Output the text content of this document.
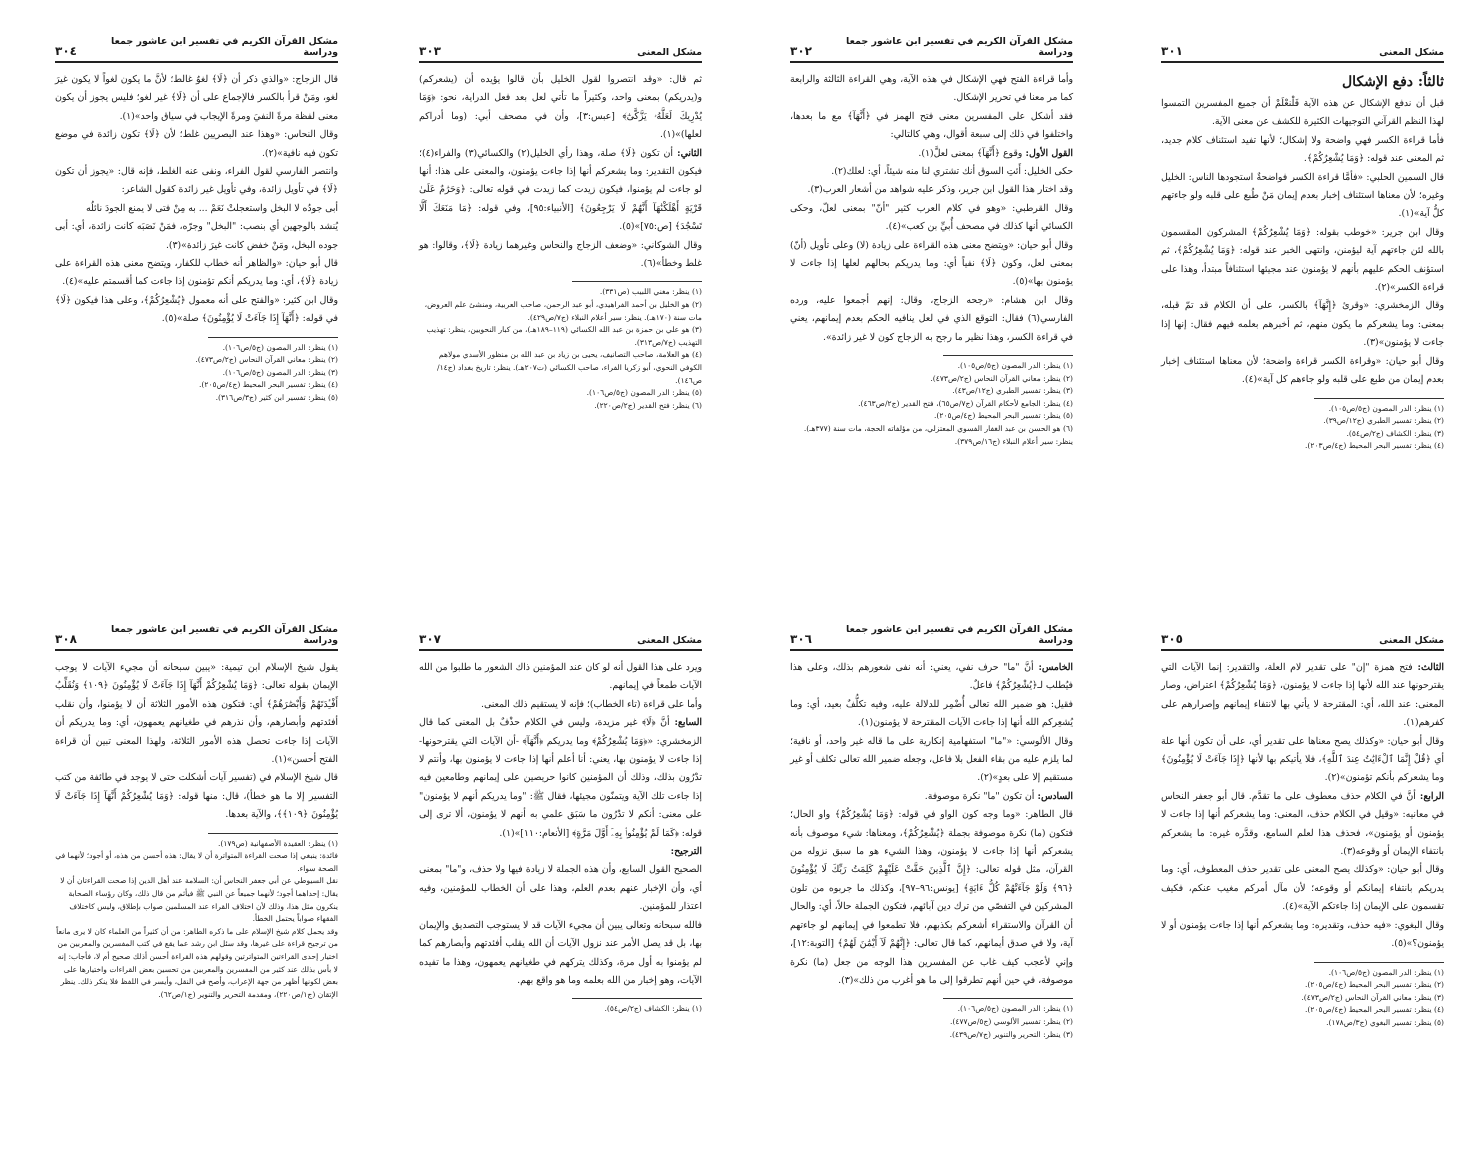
مشكل المعنى
٣٠١

ثالثاً: دفع الإشكال

قبل أن ندفع الإشكال عن هذه الآية فَلْنعْلَمْ أن جميع المفسرين التمسوا لهذا النظم القرآني التوجيهات الكثيرة للكشف عن معنى الآية.

فأما قراءة الكسر فهي واضحة ولا إشكال؛ لأنها تفيد استئناف كلام جديد، ثم المعنى عند قوله: ﴿وَمَا يُشْعِرُكُمْ﴾.

قال السمين الحلبي: «فأمَّا قراءة الكسر فواضحةٌ استجودها الناس: الخليل وغيره؛ لأن معناها استئناف إخبار بعدم إيمان مَنْ طُبع على قلبه ولو جاءتهم كلُّ آية»(١).

وقال ابن جرير: «خوطب بقوله: ﴿وَمَا يُشْعِرُكُمْ﴾ المشركون المقسمون بالله لئن جاءتهم آية ليؤمنن، وانتهى الخبر عند قوله: ﴿وَمَا يُشْعِرُكُمْ﴾، ثم استؤنف الحكم عليهم بأنهم لا يؤمنون عند مجيئها استئنافاً مبتدأ، وهذا على قراءة الكسر»(٢).

وقال الزمخشري: «وقرئ ﴿إِنَّهَآ﴾ بالكسر، على أن الكلام قد تمّ قبله، بمعنى: وما يشعركم ما يكون منهم، ثم أخبرهم بعلمه فيهم فقال: إنها إذا جاءت لا يؤمنون»(٣).

وقال أبو حيان: «وقراءة الكسر قراءة واضحة؛ لأن معناها استئناف إخبار بعدم إيمان من طبع على قلبه ولو جاءهم كل آية»(٤).

(١) ينظر: الدر المصون (ج٥/ص١٠٥).

(٢) ينظر: تفسير الطبري (ج١٢/ص٣٩).

(٣) ينظر: الكشاف (ج٢/ص٥٤).

(٤) ينظر: تفسير البحر المحيط (ج٤/ص٢٠٣).

مشكل القرآن الكريم في تفسير ابن عاشور جمعا ودراسة
٣٠٢

وأما قراءة الفتح فهي الإشكال في هذه الآية، وهي القراءة الثالثة والرابعة كما مر معنا في تحرير الإشكال.

فقد أشكل على المفسرين معنى فتح الهمز في ﴿أَنَّهَآ﴾ مع ما بعدها، واختلفوا في ذلك إلى سبعة أقوال، وهي كالتالي:

القول الأول: وقوع ﴿أَنَّهَآ﴾ بمعنى لعلَّ(١).

حكى الخليل: أَئتِ السوق أنك تشتري لنا منه شيئاً، أي: لعلك(٢).

وقد اختار هذا القول ابن جرير، وذكر عليه شواهد من أشعار العرب(٣).

وقال القرطبي: «وهو في كلام العرب كثير "أنّ" بمعنى لعلّ، وحكى الكسائي أنها كذلك في مصحف أُبيِّ بن كعب»(٤).

وقال أبو حيان: «ويتضح معنى هذه القراءة على زيادة (لا) وعلى تأويل (أنّ) بمعنى لعل، وكون ﴿لَا﴾ نفياً أي: وما يدريكم بحالهم لعلها إذا جاءت لا يؤمنون بها»(٥).

وقال ابن هشام: «رجحه الزجاج، وقال: إنهم أجمعوا عليه، ورده الفارسي(٦) فقال: التوقع الذي في لعل ينافيه الحكم بعدم إيمانهم، يعني في قراءة الكسر، وهذا نظير ما رجح به الزجاج كون لا غير زائدة».

(١) ينظر: الدر المصون (ج٥/ص١٠٥).

(٢) ينظر: معاني القرآن النحاس (ج٢/ص٤٧٣).

(٣) ينظر: تفسير الطبري (ج١٢/ص٤٣).

(٤) ينظر: الجامع لأحكام القرآن (ج٧/ص٦٥)، فتح القدير (ج٢/ص٤٦٣).

(٥) ينظر: تفسير البحر المحيط (ج٤/ص٢٠٥).

(٦) هو الحسن بن عبد الغفار الفسوي المعتزلي، من مؤلفاته الحجة، مات سنة (٣٧٧هـ). ينظر: سير أعلام النبلاء (ج١٦/ص٣٧٩).

مشكل المعنى
٣٠٣

ثم قال: «وقد انتصروا لقول الخليل بأن قالوا يؤيده أن (يشعركم) و(يدريكم) بمعنى واحد، وكثيراً ما تأتي لعل بعد فعل الدراية، نحو: ﴿وَمَا يُدْرِيكَ لَعَلَّهُۥ يَزَّكَّىٰٓ﴾ [عبس:٣]، وأن في مصحف أبي: (وما أدراكم لعلها)»(١).

الثاني: أن تكون ﴿لَا﴾ صلة، وهذا رأي الخليل(٢) والكسائي(٣) والفراء(٤)؛ فيكون التقدير: وما يشعركم أنها إذا جاءت يؤمنون، والمعنى على هذا: أنها لو جاءت لم يؤمنوا، فيكون زيدت كما زيدت في قوله تعالى: ﴿وَحَرَٰمٌ عَلَىٰ قَرْيَةٍ أَهْلَكْنَٰهَآ أَنَّهُمْ لَا يَرْجِعُونَ﴾ [الأنبياء:٩٥]، وفي قوله: ﴿مَا مَنَعَكَ أَلَّا تَسْجُدَ﴾ [ص:٧٥]»(٥).

وقال الشوكاني: «وضعف الزجاج والنحاس وغيرهما زيادة ﴿لَا﴾، وقالوا: هو غلط وخطأ»(٦).

(١) ينظر: مغني اللبيب (ص٣٣١).

(٢) هو الخليل بن أحمد الفراهيدي، أبو عبد الرحمن، صاحب العربية، ومنشئ علم العروض، مات سنة (١٧٠هـ). ينظر: سير أعلام النبلاء (ج٧/ص٤٢٩).

(٣) هو علي بن حمزة بن عبد الله الكسائي (١١٩–١٨٩هـ)، من كبار النحويين، ينظر: تهذيب التهذيب (ج٧/ص٣١٣).

(٤) هو العلامة، صاحب التصانيف، يحيى بن زياد بن عبد الله بن منظور الأسدي مولاهم الكوفي النحوي، أبو زكريا الفراء، صاحب الكسائي (ت٢٠٧هـ). ينظر: تاريخ بغداد (ج١٤/ص١٤٦).

(٥) ينظر: الدر المصون (ج٥/ص١٠٦).

(٦) ينظر: فتح القدير (ج٢/ص٢٢٠).

مشكل القرآن الكريم في تفسير ابن عاشور جمعا ودراسة
٣٠٤

قال الزجاج: «والذي ذكر أن ﴿لَا﴾ لغوٌ غالط؛ لأنَّ ما يكون لغواً لا يكون غيرَ لغو، ومَنْ قرأ بالكسر فالإجماع على أن ﴿لَا﴾ غير لغو؛ فليس يجوز أن يكون معنى لفظة مرةً النفيَ ومرةً الإيجاب في سياق واحد»(١).

وقال النحاس: «وهذا عند البصريين غلط؛ لأن ﴿لَا﴾ تكون زائدة في موضع تكون فيه نافية»(٢).

وانتصر الفارسي لقول الفراء، ونفى عنه الغلط، فإنه قال: «يجوز أن تكون ﴿لَا﴾ في تأويل زائدة، وفي تأويل غير زائدة كقول الشاعر:

أبى جودُه لا البخل واستعجلتْ نَعَمْ ... به مِنْ فتى لا يمنع الجودَ نائلُه

يُنشد بالوجهين أي بنصب: "البخل" وجرّه، فمَنْ نَصَبَه كانت زائدة، أي: أبى جوده البخل، ومَنْ خفض كانت غيرَ زائدة»(٣).

قال أبو حيان: «والظاهر أنه خطاب للكفار، ويتضح معنى هذه القراءة على زيادة ﴿لَا﴾، أي: وما يدريكم أنكم تؤمنون إذا جاءت كما أقسمتم عليه»(٤).

وقال ابن كثير: «والفتح على أنه معمول ﴿يُشْعِرُكُمْ﴾، وعلى هذا فيكون ﴿لَا﴾ في قوله: ﴿أَنَّهَآ إِذَا جَآءَتْ لَا يُؤْمِنُونَ﴾ صلة»(٥).

(١) ينظر: الدر المصون (ج٥/ص١٠٦).

(٢) ينظر: معاني القرآن النحاس (ج٢/ص٤٧٣).

(٣) ينظر: الدر المصون (ج٥/ص١٠٦).

(٤) ينظر: تفسير البحر المحيط (ج٤/ص٢٠٥).

(٥) ينظر: تفسير ابن كثير (ج٣/ص٣١٦).

مشكل المعنى
٣٠٥

الثالث: فتح همزة "إن" على تقدير لام العلة، والتقدير: إنما الآيات التي يقترحونها عند الله لأنها إذا جاءت لا يؤمنون، ﴿وَمَا يُشْعِرُكُمْ﴾ اعتراض، وصار المعنى: عند الله، أي: المقترحة لا يأتي بها لانتفاء إيمانهم وإصرارهم على كفرهم(١).

وقال أبو حيان: «وكذلك يصح معناها على تقدير أي، على أن تكون أنها علة أي ﴿قُلْ إِنَّمَا ٱلْءَايَٰتُ عِندَ ٱللَّهِ﴾، فلا يأتيكم بها لأنها ﴿إِذَا جَآءَتْ لَا يُؤْمِنُونَ﴾ وما يشعركم بأنكم تؤمنون»(٢).

الرابع: أنَّ في الكلام حذف معطوف على ما تقدَّم. قال أبو جعفر النحاس في معانيه: «وقيل في الكلام حذف، المعنى: وما يشعركم أنها إذا جاءت لا يؤمنون أو يؤمنون»، فحذف هذا لعلم السامع، وقدَّره غيره: ما يشعركم بانتفاء الإيمان أو وقوعه(٣).

وقال أبو حيان: «وكذلك يصح المعنى على تقدير حذف المعطوف، أي: وما يدريكم بانتفاء إيمانكم أو وقوعه؛ لأن مآل أمركم مغيب عنكم، فكيف تقسمون على الإيمان إذا جاءتكم الآية»(٤).

وقال البغوي: «فيه حذف، وتقديره: وما يشعركم أنها إذا جاءت يؤمنون أو لا يؤمنون؟»(٥).

(١) ينظر: الدر المصون (ج٥/ص١٠٦).

(٢) ينظر: تفسير البحر المحيط (ج٤/ص٢٠٥).

(٣) ينظر: معاني القرآن النحاس (ج٢/ص٤٧٣).

(٤) ينظر: تفسير البحر المحيط (ج٤/ص٢٠٥).

(٥) ينظر: تفسير البغوي (ج٣/ص١٧٨).

مشكل القرآن الكريم في تفسير ابن عاشور جمعا ودراسة
٣٠٦

الخامس: أنَّ "ما" حرف نفي، يعني: أنه نفى شعورهم بذلك، وعلى هذا فيُطلب لـ﴿يُشْعِرُكُمْ﴾ فاعلٌ.

فقيل: هو ضمير الله تعالى أُضْمِر للدلالة عليه، وفيه تكلُّفٌ بعيد، أي: وما يُشعِركم الله أنها إذا جاءت الآيات المقترحة لا يؤمنون(١).

وقال الألوسي: «"ما" استفهامية إنكارية على ما قاله غير واحد، أو نافية؛ لما يلزم عليه من بقاء الفعل بلا فاعل، وجعله ضمير الله تعالى تكلف أو غير مستقيم إلا على بعدٍ»(٢).

السادس: أن تكون "ما" نكرة موصوفة.

قال الطاهر: «وما وجه كون الواو في قوله: ﴿وَمَا يُشْعِرُكُمْ﴾ واو الحال؛ فتكون (ما) نكرة موصوفة بجملة ﴿يُشْعِرُكُمْ﴾، ومعناها: شيء موصوف بأنه يشعركم أنها إذا جاءت لا يؤمنون، وهذا الشيء هو ما سبق نزوله من القرآن، مثل قوله تعالى: ﴿إِنَّ ٱلَّذِينَ حَقَّتْ عَلَيْهِمْ كَلِمَتُ رَبِّكَ لَا يُؤْمِنُونَ ﴿٩٦﴾ وَلَوْ جَآءَتْهُمْ كُلُّ ءَايَةٍ﴾ [يونس:٩٦–٩٧]، وكذلك ما جربوه من تلون المشركين في التفصّي من ترك دين آبائهم، فتكون الجملة حالاً، أي: والحال أن القرآن والاستقراء أشعركم بكذبهم، فلا تطمعوا في إيمانهم لو جاءتهم آية، ولا في صدق أيمانهم، كما قال تعالى: ﴿إِنَّهُمْ لَآ أَيْمَٰنَ لَهُمْ﴾ [التوبة:١٢]، وإني لأعجب كيف غاب عن المفسرين هذا الوجه من جعل (ما) نكرة موصوفة، في حين أنهم تطرقوا إلى ما هو أغرب من ذلك»(٣).

(١) ينظر: الدر المصون (ج٥/ص١٠٦).

(٢) ينظر: تفسير الألوسي (ج٥/ص٤٧٧).

(٣) ينظر: التحرير والتنوير (ج٧/ص٤٣٩).

مشكل المعنى
٣٠٧

ويرد على هذا القول أنه لو كان عند المؤمنين ذاك الشعور ما طلبوا من الله الآيات طمعاً في إيمانهم.

وأما على قراءة (تاء الخطاب)؛ فإنه لا يستقيم ذلك المعنى.

السابع: أنَّ ﴿لَا﴾ غير مزيدة، وليس في الكلام حذْفٌ بل المعنى كما قال الزمخشري: «﴿وَمَا يُشْعِرُكُمْ﴾ وما يدريكم ﴿أَنَّهَآ﴾ -أن الآيات التي يقترحونها- إذا جاءت لا يؤمنون بها، يعني: أنا أعلم أنها إذا جاءت لا يؤمنون بها، وأنتم لا تدْرُون بذلك، وذلك أن المؤمنين كانوا حريصين على إيمانهم وطامعين فيه إذا جاءت تلك الآية ويتمنّون مجيئها، فقال ﷺ: "وما يدريكم أنهم لا يؤمنون" على معنى: أنكم لا تدْرُون ما سَبَق علمي به أنهم لا يؤمنون، ألا ترى إلى قوله: ﴿كَمَا لَمْ يُؤْمِنُوا۟ بِهِۦٓ أَوَّلَ مَرَّةٍ﴾ [الأنعام:١١٠]»(١).

الترجيح:

الصحيح القول السابع، وأن هذه الجملة لا زيادة فيها ولا حذف، و"ما" بمعنى أي، وأن الإخبار عنهم بعدم العلم، وهذا على أن الخطاب للمؤمنين، وفيه اعتذار للمؤمنين.

فالله سبحانه وتعالى يبين أن مجيء الآيات قد لا يستوجب التصديق والإيمان بها، بل قد يصل الأمر عند نزول الآيات أن الله يقلب أفئدتهم وأبصارهم كما لم يؤمنوا به أول مرة، وكذلك يتركهم في طغيانهم يعمهون، وهذا ما تفيده الآيات، وهو إخبار من الله بعلمه وما هو واقع بهم.

(١) ينظر: الكشاف (ج٢/ص٥٤).

مشكل القرآن الكريم في تفسير ابن عاشور جمعا ودراسة
٣٠٨

يقول شيخ الإسلام ابن تيمية: «يبين سبحانه أن مجيء الآيات لا يوجب الإيمان بقوله تعالى: ﴿وَمَا يُشْعِرُكُمْ أَنَّهَآ إِذَا جَآءَتْ لَا يُؤْمِنُونَ ﴿١٠٩﴾ وَنُقَلِّبُ أَفْـِٔدَتَهُمْ وَأَبْصَٰرَهُمْ﴾ أي: فتكون هذه الأمور الثلاثة أن لا يؤمنوا، وأن نقلب أفئدتهم وأبصارهم، وأن نذرهم في طغيانهم يعمهون، أي: وما يدريكم أن الآيات إذا جاءت تحصل هذه الأمور الثلاثة، ولهذا المعنى تبين أن قراءة الفتح أحسن»(١).

قال شيخ الإسلام في (تفسير آيات أشكلت حتى لا يوجد في طائفة من كتب التفسير إلا ما هو خطأ)، قال: منها قوله: ﴿وَمَا يُشْعِرُكُمْ أَنَّهَآ إِذَا جَآءَتْ لَا يُؤْمِنُونَ ﴿١٠٩﴾﴾، والآية بعدها.

(١) ينظر: العقيدة الأصفهانية (ص١٧٩).

فائدة: ينبغي إذا صحت القراءة المتواترة أن لا يقال: هذه أحسن من هذه، أو أجود؛ لأنهما في الصحة سواء.

نقل السيوطي عن أبي جعفر النحاس أن: السلامة عند أهل الدين إذا صحت القراءتان أن لا يقال: إحداهما أجود؛ لأنهما جميعاً عن النبي ﷺ فيأثم من قال ذلك، وكان رؤساء الصحابة ينكرون مثل هذا، وذلك لأن اختلاف القراء عند المسلمين صواب بإطلاق، وليس كاختلاف الفقهاء صواباً يحتمل الخطأ.

وقد يحمل كلام شيخ الإسلام على ما ذكره الطاهر: من أن كثيراً من العلماء كان لا يرى مانعاً من ترجيح قراءة على غيرها، وقد سئل ابن رشد عما يقع في كتب المفسرين والمعربين من اختيار إحدى القراءتين المتواترتين وقولهم هذه القراءة أحسن أذلك صحيح أم لا، فأجاب: إنه لا بأس بذلك عند كثير من المفسرين والمعربين من تحسين بعض القراءات واختيارها على بعض لكونها أظهر من جهة الإعراب، وأصح في النقل، وأيسر في اللفظ فلا ينكر ذلك. ينظر الإتقان (ج١/ص٢٢٠)، ومقدمة التحرير والتنوير (ج١/ص٦٢).
